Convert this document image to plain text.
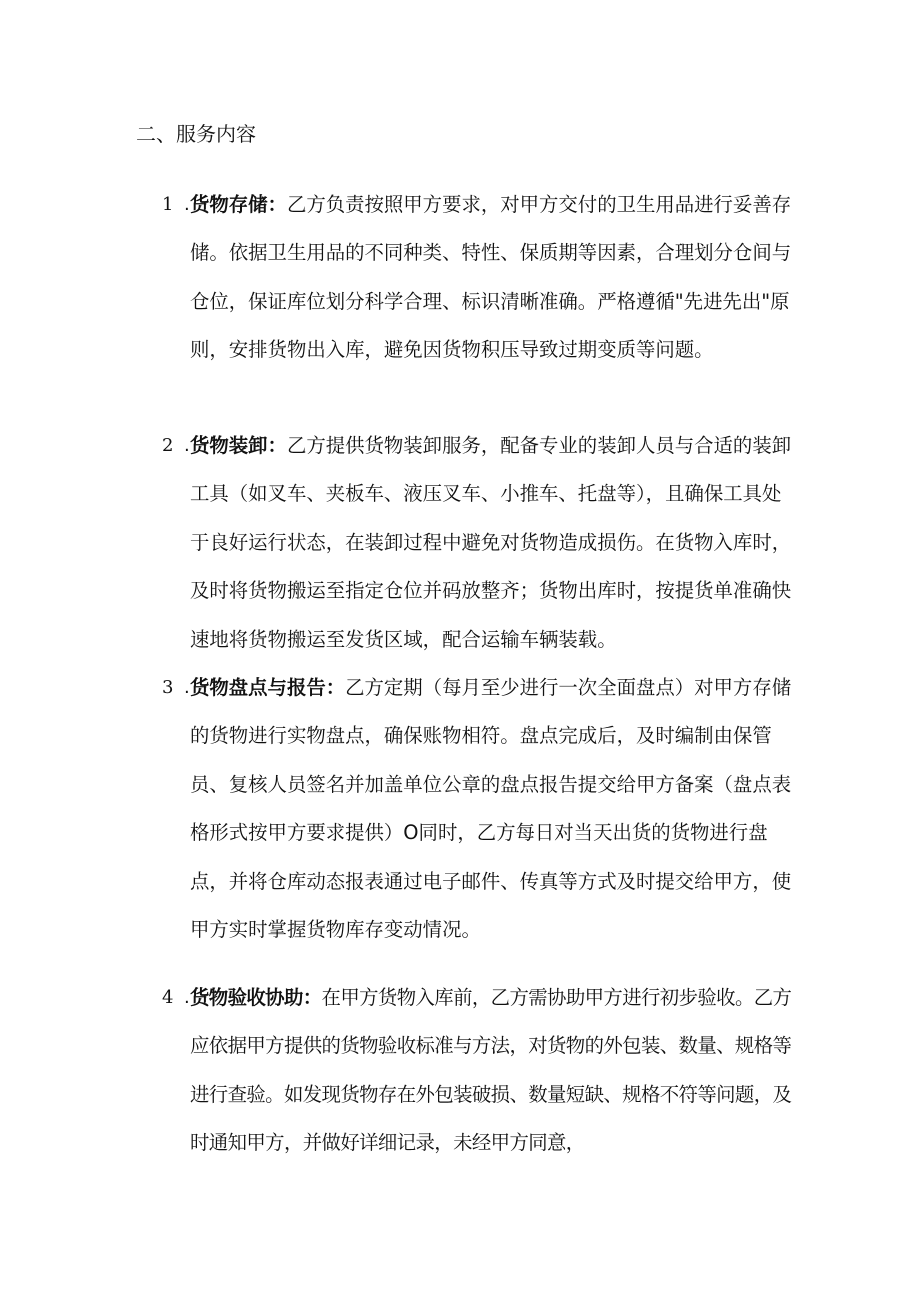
二、服务内容
1 . 货物存储：乙方负责按照甲方要求，对甲方交付的卫生用品进行妥善存储。依据卫生用品的不同种类、特性、保质期等因素，合理划分仓间与仓位，保证库位划分科学合理、标识清晰准确。严格遵循"先进先出"原则，安排货物出入库，避免因货物积压导致过期变质等问题。

2 . 货物装卸：乙方提供货物装卸服务，配备专业的装卸人员与合适的装卸工具（如叉车、夹板车、液压叉车、小推车、托盘等），且确保工具处于良好运行状态，在装卸过程中避免对货物造成损伤。在货物入库时，及时将货物搬运至指定仓位并码放整齐；货物出库时，按提货单准确快速地将货物搬运至发货区域，配合运输车辆装载。

3 . 货物盘点与报告：乙方定期（每月至少进行一次全面盘点）对甲方存储的货物进行实物盘点，确保账物相符。盘点完成后，及时编制由保管员、复核人员签名并加盖单位公章的盘点报告提交给甲方备案（盘点表格形式按甲方要求提供）O同时，乙方每日对当天出货的货物进行盘点，并将仓库动态报表通过电子邮件、传真等方式及时提交给甲方，使甲方实时掌握货物库存变动情况。

4 . 货物验收协助：在甲方货物入库前，乙方需协助甲方进行初步验收。乙方应依据甲方提供的货物验收标准与方法，对货物的外包装、数量、规格等进行查验。如发现货物存在外包装破损、数量短缺、规格不符等问题，及时通知甲方，并做好详细记录，未经甲方同意，
